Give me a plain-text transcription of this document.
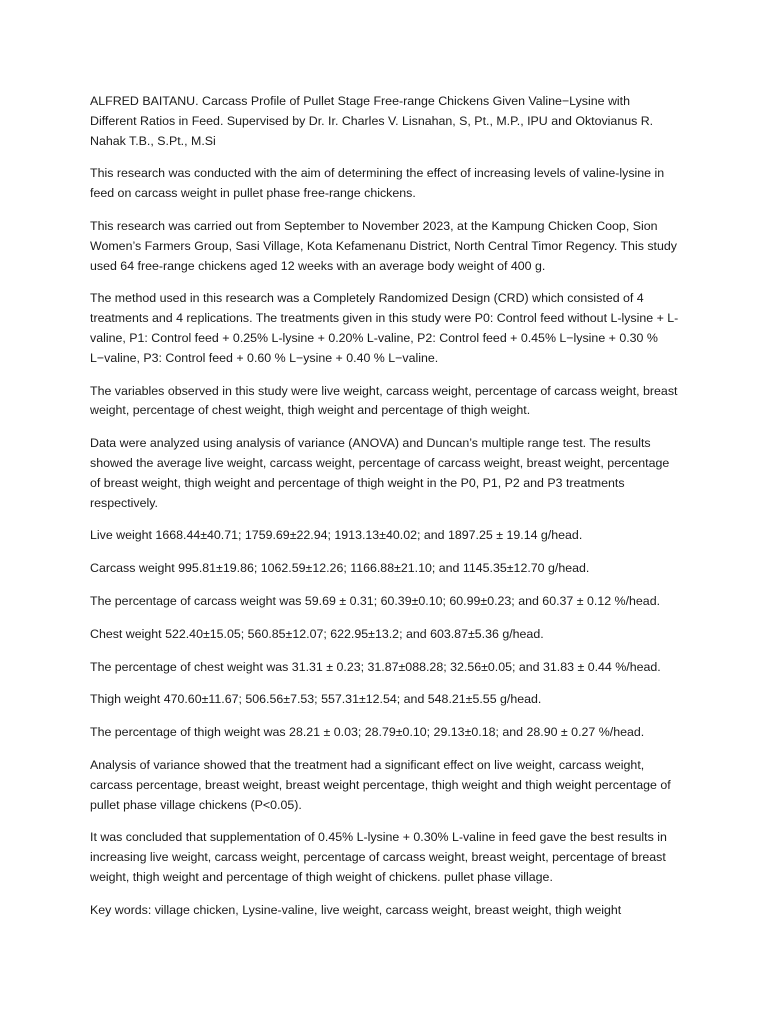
ALFRED BAITANU. Carcass Profile of Pullet Stage Free-range Chickens Given Valine−Lysine with Different Ratios in Feed. Supervised by Dr. Ir. Charles V. Lisnahan, S, Pt., M.P., IPU and Oktovianus R. Nahak T.B., S.Pt., M.Si

This research was conducted with the aim of determining the effect of increasing levels of valine-lysine in feed on carcass weight in pullet phase free-range chickens.

This research was carried out from September to November 2023, at the Kampung Chicken Coop, Sion Women’s Farmers Group, Sasi Village, Kota Kefamenanu District, North Central Timor Regency. This study used 64 free-range chickens aged 12 weeks with an average body weight of 400 g.

The method used in this research was a Completely Randomized Design (CRD) which consisted of 4 treatments and 4 replications. The treatments given in this study were P0: Control feed without L-lysine + L-valine, P1: Control feed + 0.25% L-lysine + 0.20% L-valine, P2: Control feed + 0.45% L−lysine + 0.30 % L−valine, P3: Control feed + 0.60 % L−ysine + 0.40 % L−valine.

The variables observed in this study were live weight, carcass weight, percentage of carcass weight, breast weight, percentage of chest weight, thigh weight and percentage of thigh weight.

Data were analyzed using analysis of variance (ANOVA) and Duncan’s multiple range test. The results showed the average live weight, carcass weight, percentage of carcass weight, breast weight, percentage of breast weight, thigh weight and percentage of thigh weight in the P0, P1, P2 and P3 treatments respectively.

Live weight 1668.44±40.71; 1759.69±22.94; 1913.13±40.02; and 1897.25 ± 19.14 g/head.

Carcass weight 995.81±19.86; 1062.59±12.26; 1166.88±21.10; and 1145.35±12.70 g/head.

The percentage of carcass weight was 59.69 ± 0.31; 60.39±0.10; 60.99±0.23; and 60.37 ± 0.12 %/head.

Chest weight 522.40±15.05; 560.85±12.07; 622.95±13.2; and 603.87±5.36 g/head.

The percentage of chest weight was 31.31 ± 0.23; 31.87±088.28; 32.56±0.05; and 31.83 ± 0.44 %/head.

Thigh weight 470.60±11.67; 506.56±7.53; 557.31±12.54; and 548.21±5.55 g/head.

The percentage of thigh weight was 28.21 ± 0.03; 28.79±0.10; 29.13±0.18; and 28.90 ± 0.27 %/head.

Analysis of variance showed that the treatment had a significant effect on live weight, carcass weight, carcass percentage, breast weight, breast weight percentage, thigh weight and thigh weight percentage of pullet phase village chickens (P<0.05).

It was concluded that supplementation of 0.45% L-lysine + 0.30% L-valine in feed gave the best results in increasing live weight, carcass weight, percentage of carcass weight, breast weight, percentage of breast weight, thigh weight and percentage of thigh weight of chickens. pullet phase village.

Key words: village chicken, Lysine-valine, live weight, carcass weight, breast weight, thigh weight
